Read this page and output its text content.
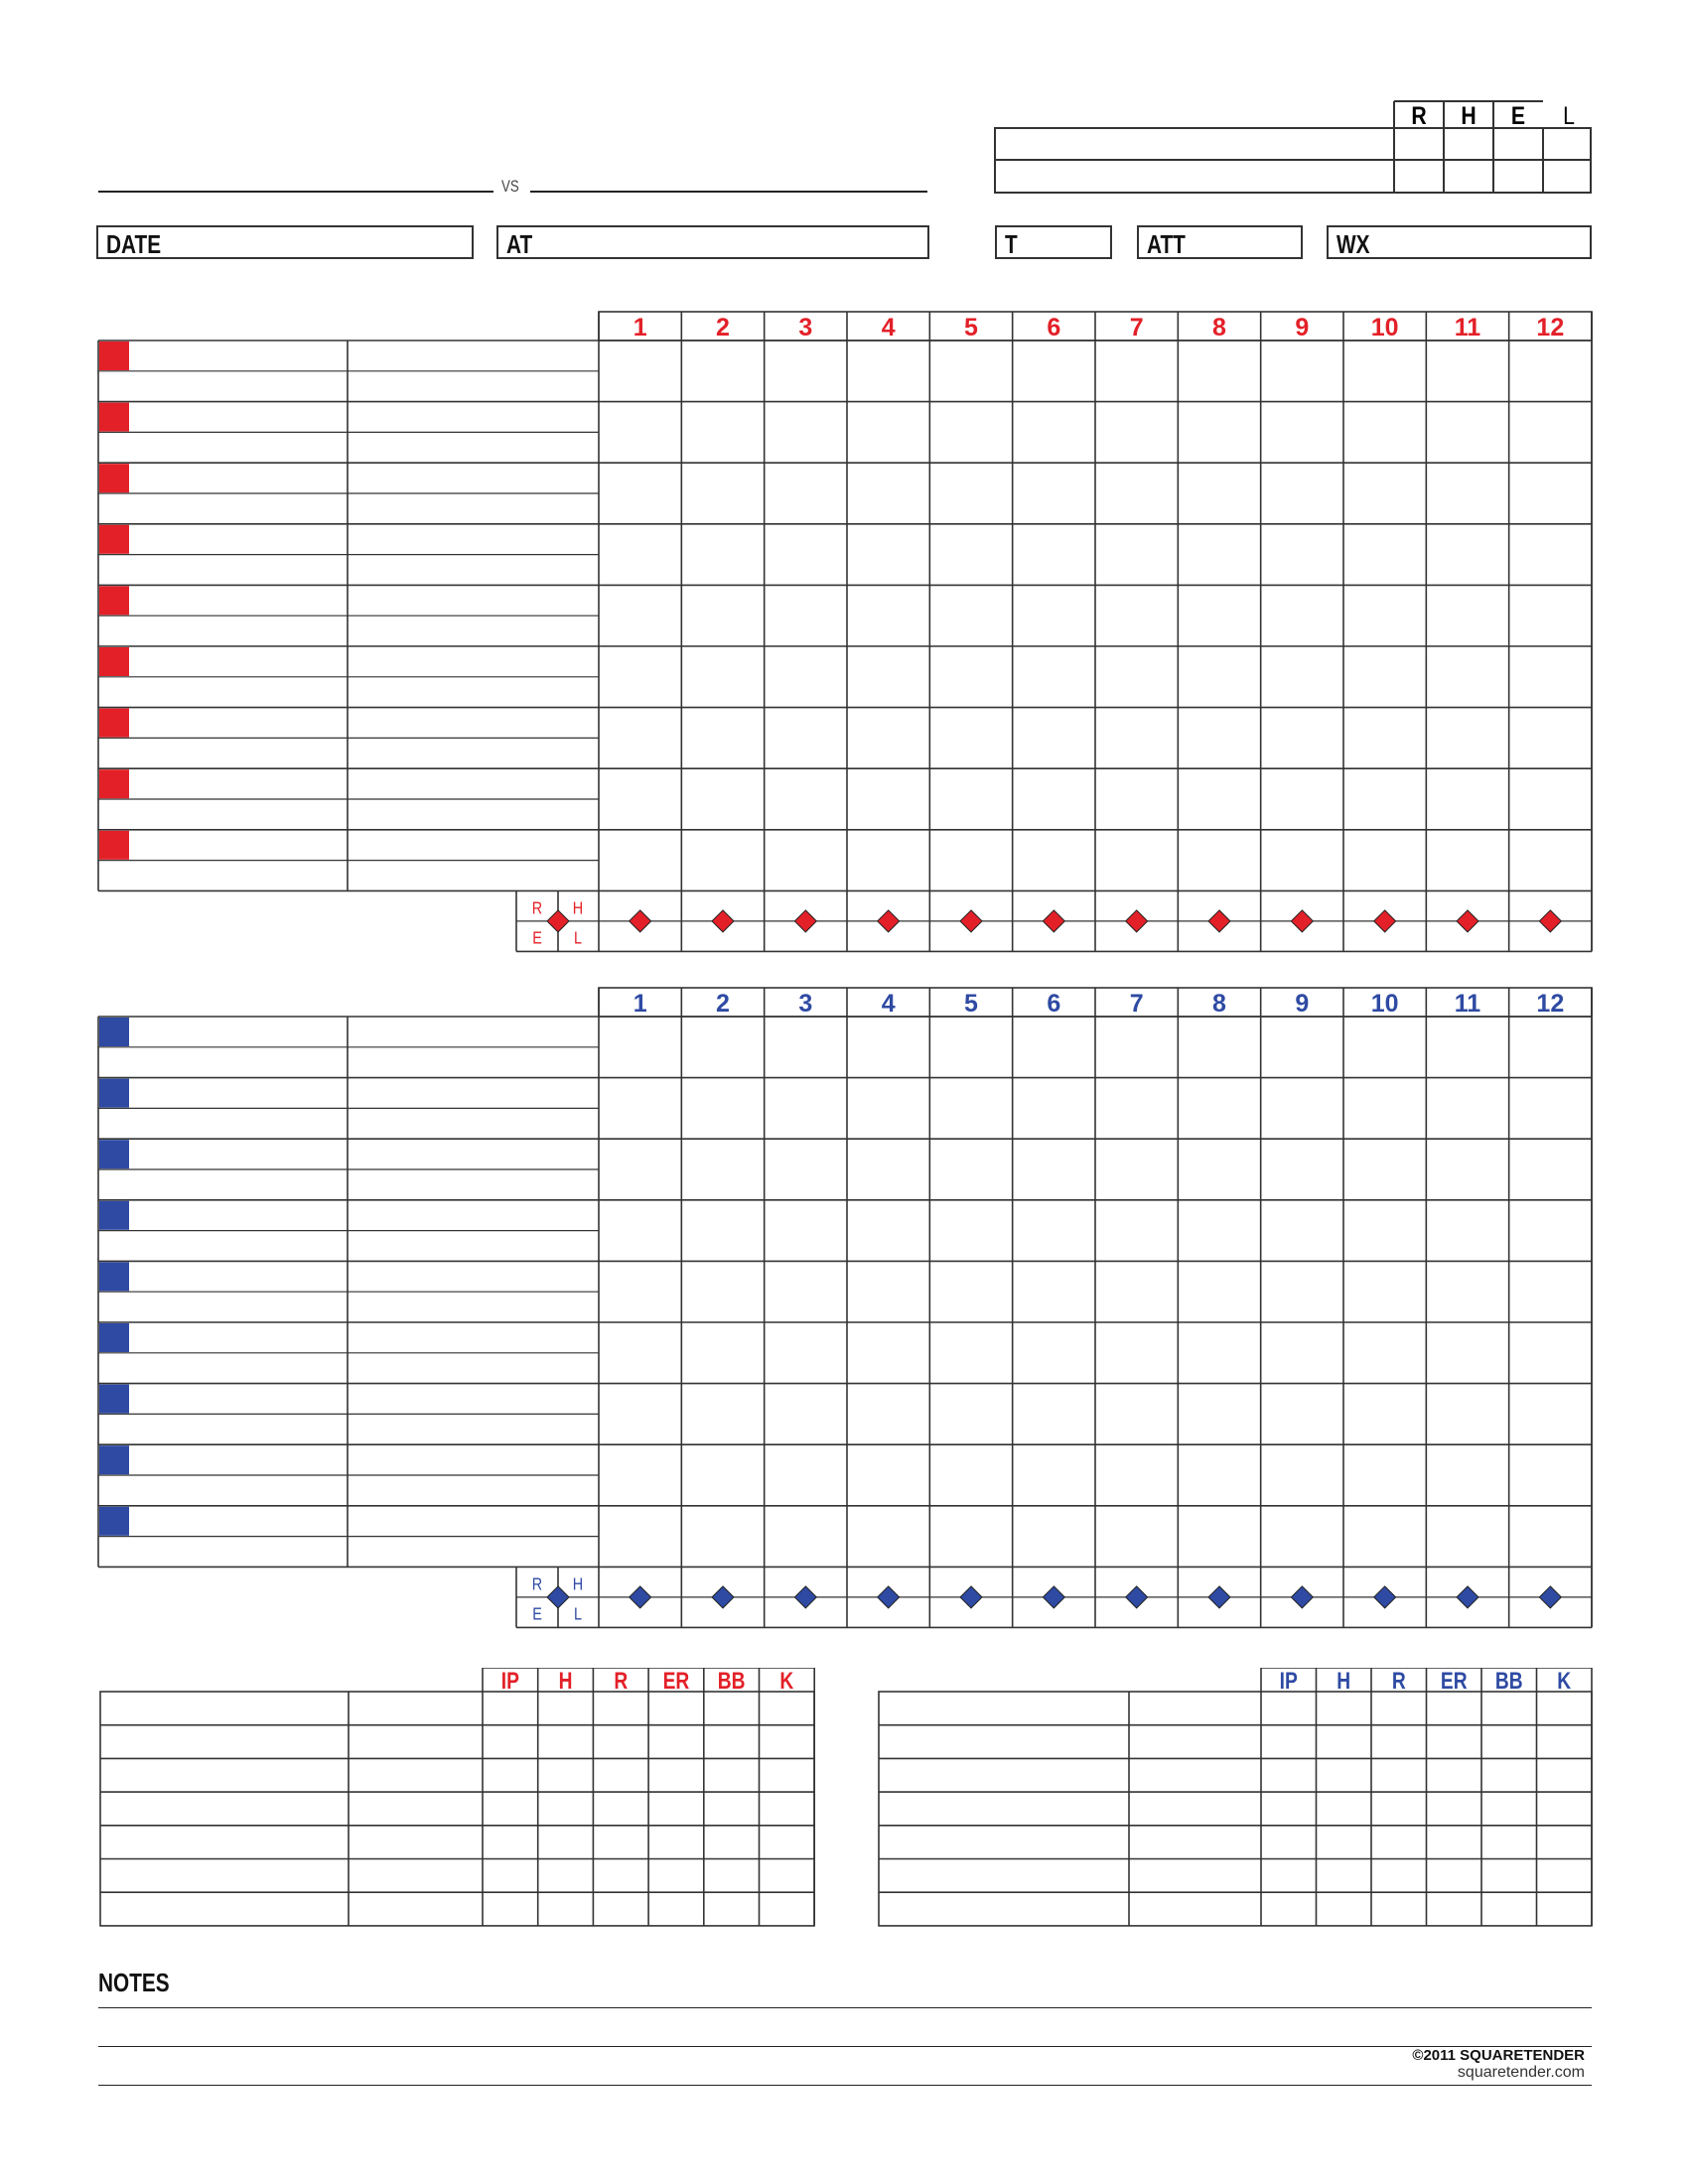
VS
R H E L
DATE	AT	T	ATT	WX
1	2	3	4	5	6	7	8	9 10 11 12
R H
E L
1	2	3	4	5	6	7	8	9 10 11 12
R H
E L
IP H R ER BB K	IP H R ER BB K
NOTES
©2011 SQUARETENDER
squaretender.com
